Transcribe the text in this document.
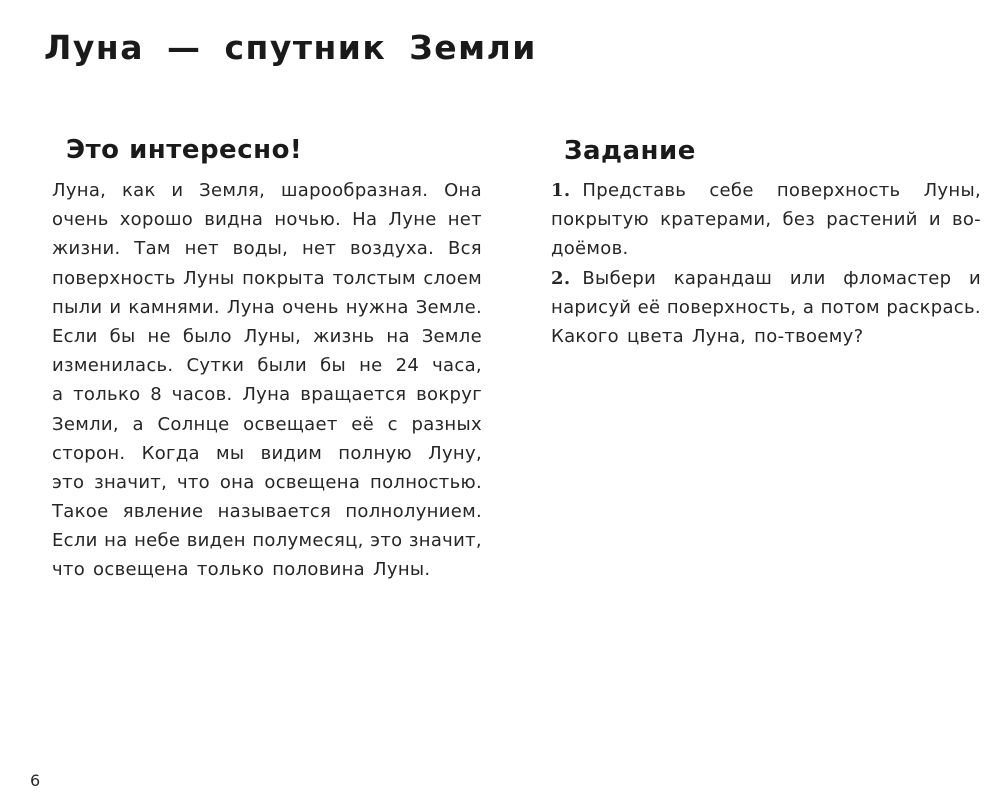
Луна — спутник Земли
Это интересно!
Луна, как и Земля, шарообразная. Она
очень хорошо видна ночью. На Луне нет
жизни. Там нет воды, нет воздуха. Вся
поверхность Луны покрыта толстым слоем
пыли и камнями. Луна очень нужна Земле.
Если бы не было Луны, жизнь на Земле
изменилась. Сутки были бы не 24 часа,
а только 8 часов. Луна вращается вокруг
Земли, а Солнце освещает её с разных
сторон. Когда мы видим полную Луну,
это значит, что она освещена полностью.
Такое явление называется полнолунием.
Если на небе виден полумесяц, это значит,
что освещена только половина Луны.
Задание
1. Представь себе поверхность Луны,
покрытую кратерами, без растений и во-
доёмов.
2. Выбери карандаш или фломастер и
нарисуй её поверхность, а потом раскрась.
Какого цвета Луна, по-твоему?
6
